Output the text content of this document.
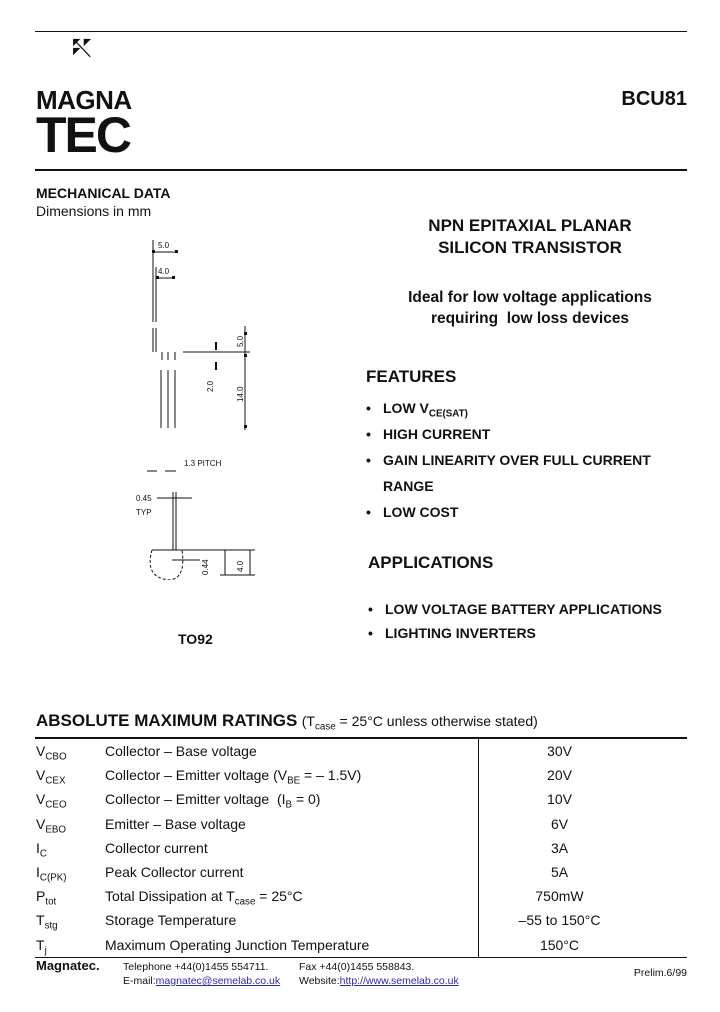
MAGNA
TEC
BCU81
MECHANICAL DATA
Dimensions in mm
5.0
4.0
1.3 PITCH
0.45
TYP
5.0
2.0	14.0
0.44	4.0
TO92
NPN EPITAXIAL PLANAR
SILICON TRANSISTOR
Ideal for low voltage applications
requiring  low loss devices
FEATURES
• LOW $V_{CE(SAT)}$
• HIGH CURRENT
• GAIN LINEARITY OVER FULL CURRENT RANGE
• LOW COST
APPLICATIONS
• LOW VOLTAGE BATTERY APPLICATIONS
• LIGHTING INVERTERS
ABSOLUTE MAXIMUM RATINGS ($T_{case} = 25^\circ C$ unless otherwise stated)
$V_{CBO}$	Collector – Base voltage	30V
$V_{CEX}$	Collector – Emitter voltage ($V_{BE}$ = – 1.5V)	20V
$V_{CEO}$	Collector – Emitter voltage  $(I_B = 0)$	10V
$V_{EBO}$	Emitter – Base voltage	6V
$I_C$	Collector current	3A
$I_{C(PK)}$	Peak Collector current	5A
$P_{tot}$	Total Dissipation at $T_{case} = 25^\circ C$	750mW
$T_{stg}$	Storage Temperature	–55 to 150°C
$T_j$	Maximum Operating Junction Temperature	150°C
Magnatec. Telephone +44(0)1455 554711.	Fax +44(0)1455 558843.
E-mail:magnatec@semelab.co.uk Website:http://www.semelab.co.uk
Prelim.6/99
